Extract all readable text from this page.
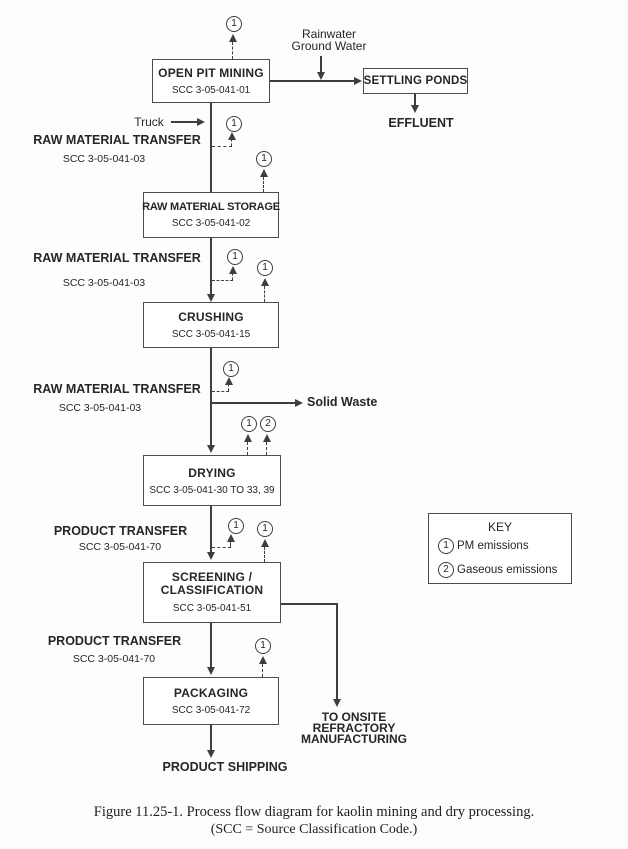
1
OPEN PIT MINING
SCC 3-05-041-01
Rainwater
Ground Water
SETTLING PONDS
EFFLUENT
Truck	1
RAW MATERIAL TRANSFER
SCC 3-05-041-03	1
RAW MATERIAL STORAGE
SCC 3-05-041-02
RAW MATERIAL TRANSFER
SCC 3-05-041-03
1
1
CRUSHING
SCC 3-05-041-15
RAW MATERIAL TRANSFER
SCC 3-05-041-03
1
Solid Waste
1 2
DRYING
SCC 3-05-041-30 TO 33, 39
PRODUCT TRANSFER
SCC 3-05-041-70
1 1
SCREENING /
CLASSIFICATION
SCC 3-05-041-51
TO ONSITE
REFRACTORY
MANUFACTURING
PRODUCT TRANSFER
SCC 3-05-041-70
1
PACKAGING
SCC 3-05-041-72
PRODUCT SHIPPING
KEY
1 PM emissions
2 Gaseous emissions
Figure 11.25-1. Process flow diagram for kaolin mining and dry processing.
(SCC = Source Classification Code.)
